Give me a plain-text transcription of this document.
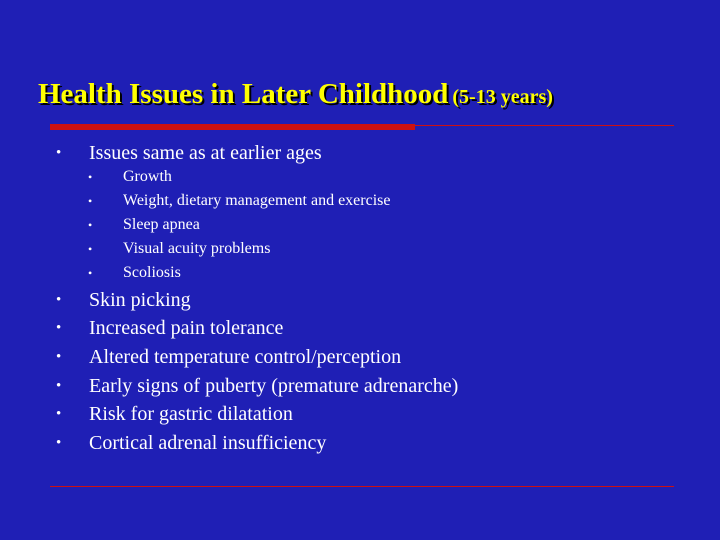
Health Issues in Later Childhood (5-13 years)
• Issues same as at earlier ages
• Growth
• Weight, dietary management and exercise
• Sleep apnea
• Visual acuity problems
• Scoliosis
• Skin picking
• Increased pain tolerance
• Altered temperature control/perception
• Early signs of puberty (premature adrenarche)
• Risk for gastric dilatation
• Cortical adrenal insufficiency
